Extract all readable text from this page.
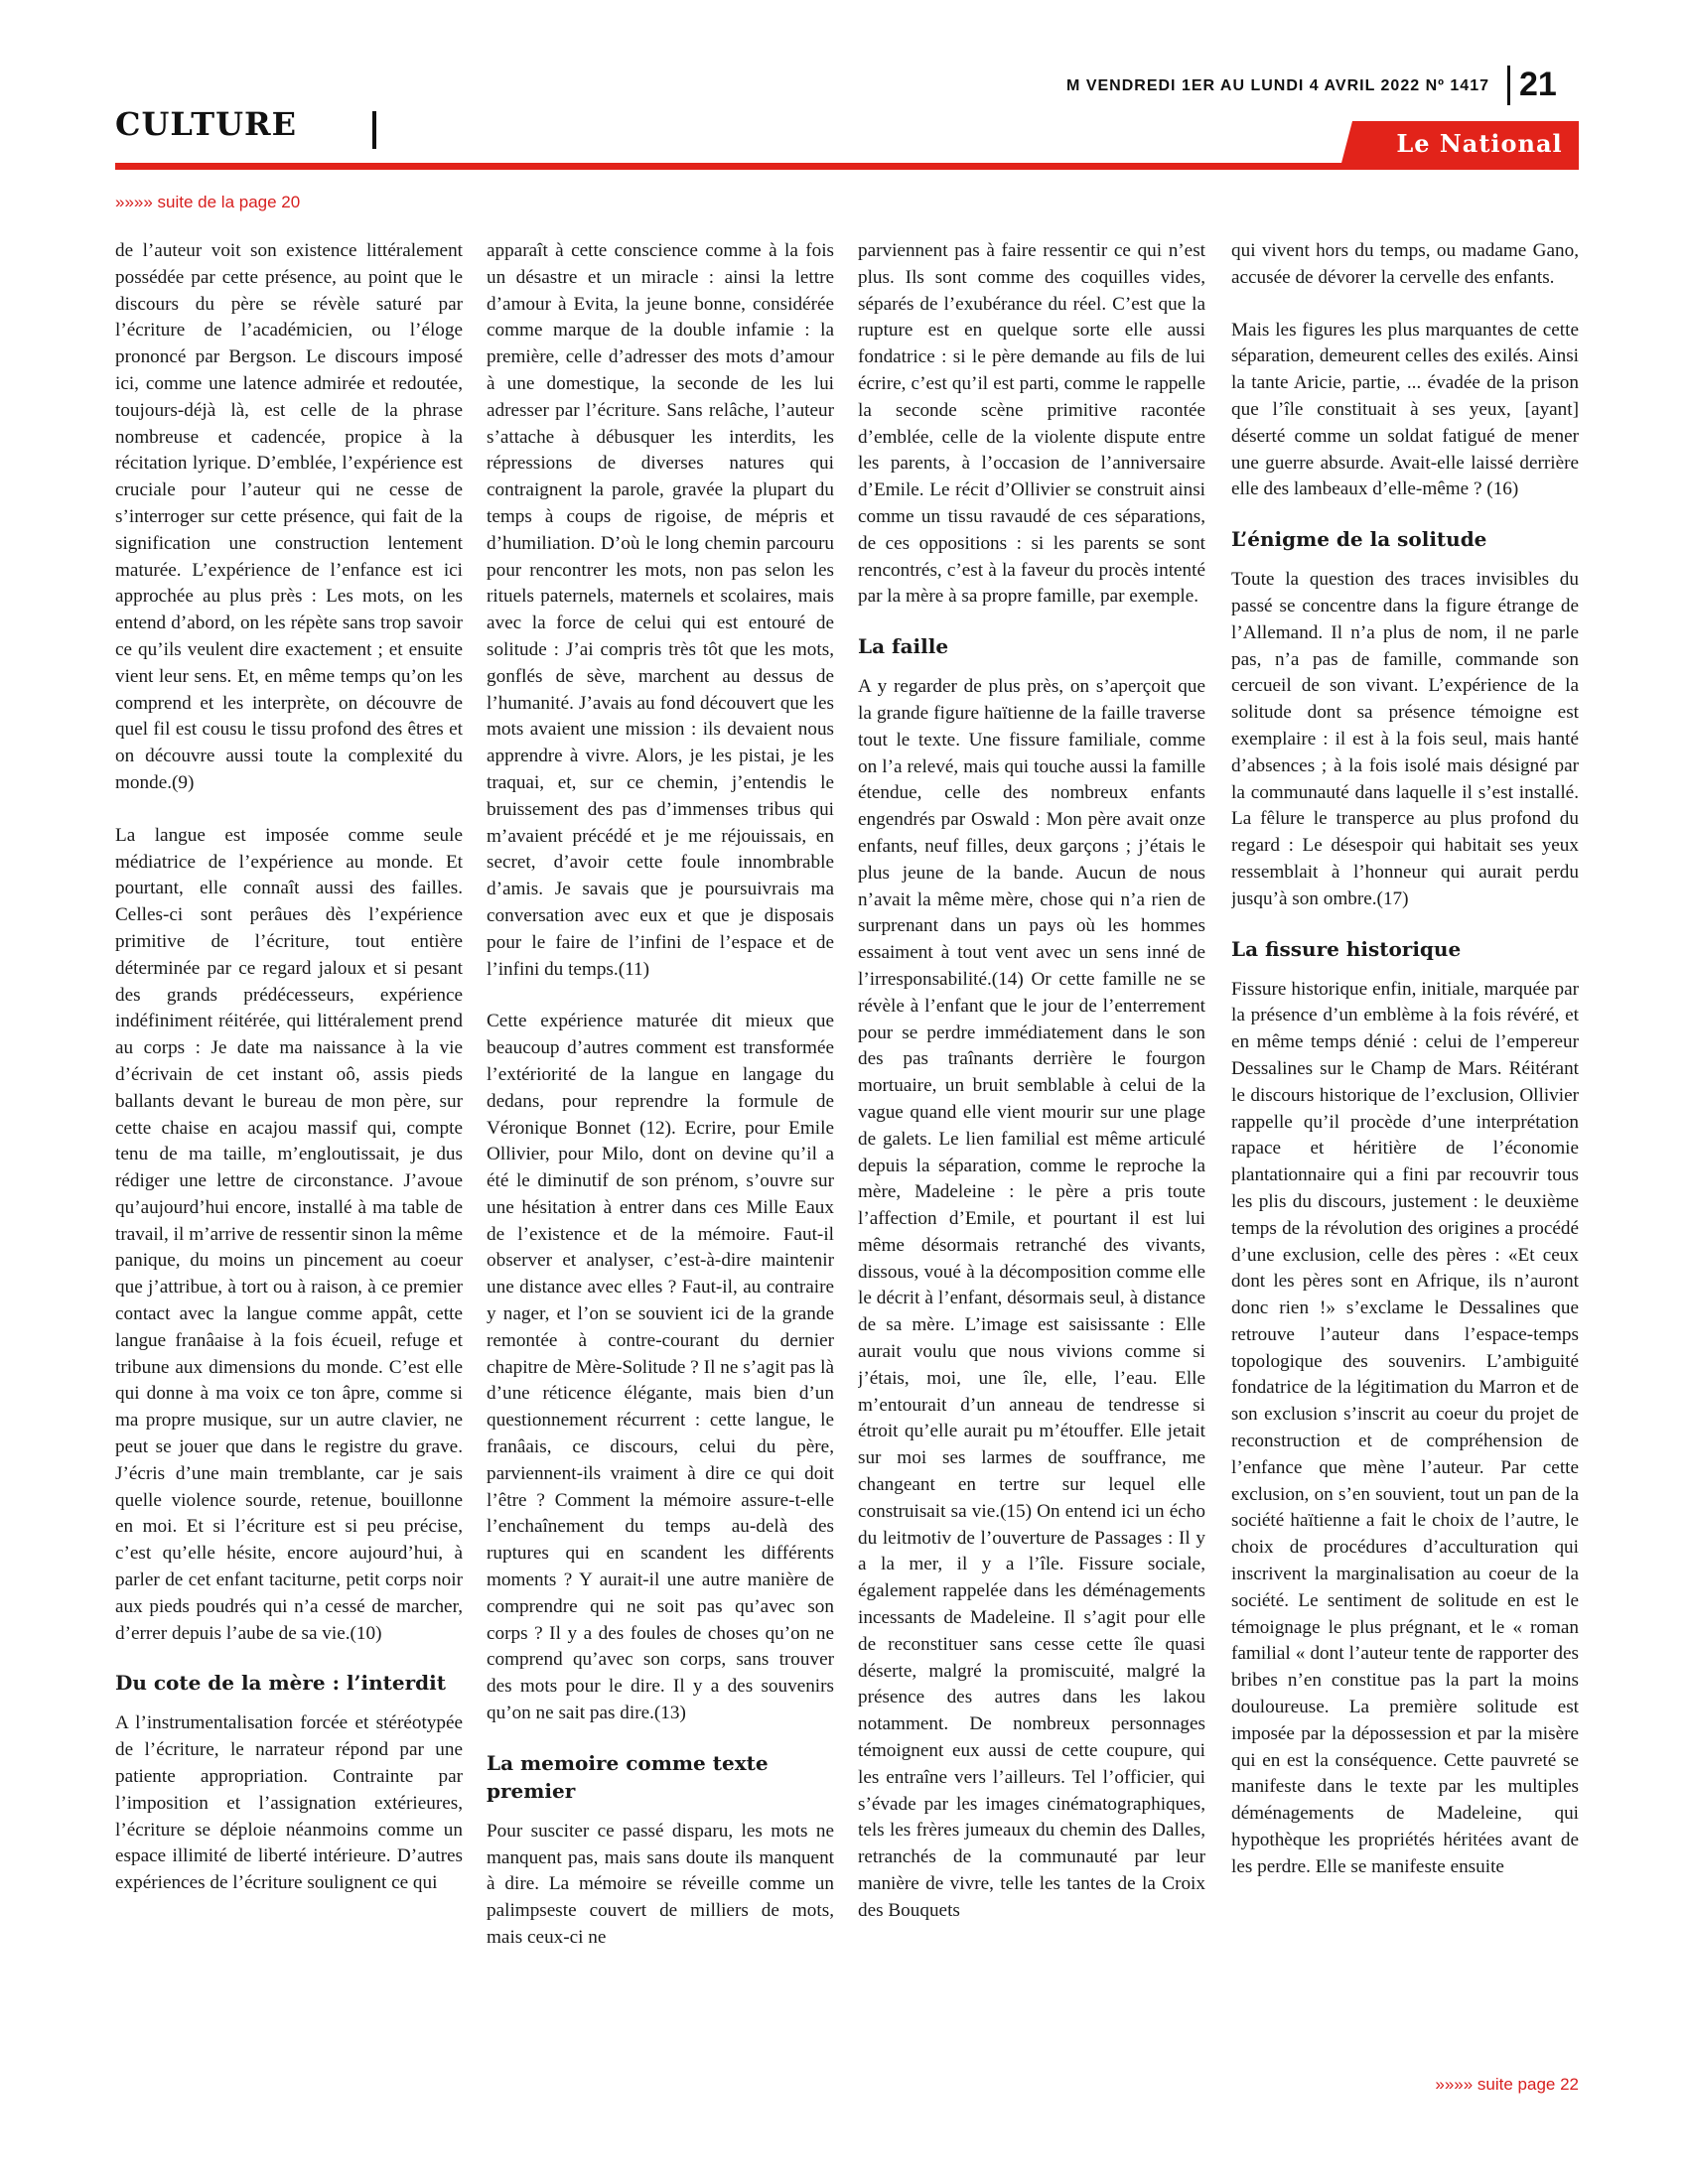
M VENDREDI 1ER AU LUNDI 4 AVRIL 2022 Nº 1417 21
CULTURE
Le National
»»»» suite de la page 20

de l’auteur voit son existence littéralement possédée par cette présence, au point que le discours du père se révèle saturé par l’écriture de l’académicien, ou l’éloge prononcé par Bergson. Le discours imposé ici, comme une latence admirée et redoutée, toujours-déjà là, est celle de la phrase nombreuse et cadencée, propice à la récitation lyrique. D’emblée, l’expérience est cruciale pour l’auteur qui ne cesse de s’interroger sur cette présence, qui fait de la signification une construction lentement maturée. L’expérience de l’enfance est ici approchée au plus près : Les mots, on les entend d’abord, on les répète sans trop savoir ce qu’ils veulent dire exactement ; et ensuite vient leur sens. Et, en même temps qu’on les comprend et les interprète, on découvre de quel fil est cousu le tissu profond des êtres et on découvre aussi toute la complexité du monde.(9)

La langue est imposée comme seule médiatrice de l’expérience au monde. Et pourtant, elle connaît aussi des failles. Celles-ci sont perâues dès l’expérience primitive de l’écriture, tout entière déterminée par ce regard jaloux et si pesant des grands prédécesseurs, expérience indéfiniment réitérée, qui littéralement prend au corps : Je date ma naissance à la vie d’écrivain de cet instant oô, assis pieds ballants devant le bureau de mon père, sur cette chaise en acajou massif qui, compte tenu de ma taille, m’engloutissait, je dus rédiger une lettre de circonstance. J’avoue qu’aujourd’hui encore, installé à ma table de travail, il m’arrive de ressentir sinon la même panique, du moins un pincement au coeur que j’attribue, à tort ou à raison, à ce premier contact avec la langue comme appât, cette langue franâaise à la fois écueil, refuge et tribune aux dimensions du monde. C’est elle qui donne à ma voix ce ton âpre, comme si ma propre musique, sur un autre clavier, ne peut se jouer que dans le registre du grave. J’écris d’une main tremblante, car je sais quelle violence sourde, retenue, bouillonne en moi. Et si l’écriture est si peu précise, c’est qu’elle hésite, encore aujourd’hui, à parler de cet enfant taciturne, petit corps noir aux pieds poudrés qui n’a cessé de marcher, d’errer depuis l’aube de sa vie.(10)

Du cote de la mère : l’interdit

A l’instrumentalisation forcée et stéréotypée de l’écriture, le narrateur répond par une patiente appropriation. Contrainte par l’imposition et l’assignation extérieures, l’écriture se déploie néanmoins comme un espace illimité de liberté intérieure. D’autres expériences de l’écriture soulignent ce qui

apparaît à cette conscience comme à la fois un désastre et un miracle : ainsi la lettre d’amour à Evita, la jeune bonne, considérée comme marque de la double infamie : la première, celle d’adresser des mots d’amour à une domestique, la seconde de les lui adresser par l’écriture. Sans relâche, l’auteur s’attache à débusquer les interdits, les répressions de diverses natures qui contraignent la parole, gravée la plupart du temps à coups de rigoise, de mépris et d’humiliation. D’où le long chemin parcouru pour rencontrer les mots, non pas selon les rituels paternels, maternels et scolaires, mais avec la force de celui qui est entouré de solitude : J’ai compris très tôt que les mots, gonflés de sève, marchent au dessus de l’humanité. J’avais au fond découvert que les mots avaient une mission : ils devaient nous apprendre à vivre. Alors, je les pistai, je les traquai, et, sur ce chemin, j’entendis le bruissement des pas d’immenses tribus qui m’avaient précédé et je me réjouissais, en secret, d’avoir cette foule innombrable d’amis. Je savais que je poursuivrais ma conversation avec eux et que je disposais pour le faire de l’infini de l’espace et de l’infini du temps.(11)

Cette expérience maturée dit mieux que beaucoup d’autres comment est transformée l’extériorité de la langue en langage du dedans, pour reprendre la formule de Véronique Bonnet (12). Ecrire, pour Emile Ollivier, pour Milo, dont on devine qu’il a été le diminutif de son prénom, s’ouvre sur une hésitation à entrer dans ces Mille Eaux de l’existence et de la mémoire. Faut-il observer et analyser, c’est-à-dire maintenir une distance avec elles ? Faut-il, au contraire y nager, et l’on se souvient ici de la grande remontée à contre-courant du dernier chapitre de Mère-Solitude ? Il ne s’agit pas là d’une réticence élégante, mais bien d’un questionnement récurrent : cette langue, le franâais, ce discours, celui du père, parviennent-ils vraiment à dire ce qui doit l’être ? Comment la mémoire assure-t-elle l’enchaînement du temps au-delà des ruptures qui en scandent les différents moments ? Y aurait-il une autre manière de comprendre qui ne soit pas qu’avec son corps ? Il y a des foules de choses qu’on ne comprend qu’avec son corps, sans trouver des mots pour le dire. Il y a des souvenirs qu’on ne sait pas dire.(13)

La memoire comme texte premier

Pour susciter ce passé disparu, les mots ne manquent pas, mais sans doute ils manquent à dire. La mémoire se réveille comme un palimpseste couvert de milliers de mots, mais ceux-ci ne

parviennent pas à faire ressentir ce qui n’est plus. Ils sont comme des coquilles vides, séparés de l’exubérance du réel. C’est que la rupture est en quelque sorte elle aussi fondatrice : si le père demande au fils de lui écrire, c’est qu’il est parti, comme le rappelle la seconde scène primitive racontée d’emblée, celle de la violente dispute entre les parents, à l’occasion de l’anniversaire d’Emile. Le récit d’Ollivier se construit ainsi comme un tissu ravaudé de ces séparations, de ces oppositions : si les parents se sont rencontrés, c’est à la faveur du procès intenté par la mère à sa propre famille, par exemple.

La faille

A y regarder de plus près, on s’aperçoit que la grande figure haïtienne de la faille traverse tout le texte. Une fissure familiale, comme on l’a relevé, mais qui touche aussi la famille étendue, celle des nombreux enfants engendrés par Oswald : Mon père avait onze enfants, neuf filles, deux garçons ; j’étais le plus jeune de la bande. Aucun de nous n’avait la même mère, chose qui n’a rien de surprenant dans un pays où les hommes essaiment à tout vent avec un sens inné de l’irresponsabilité.(14) Or cette famille ne se révèle à l’enfant que le jour de l’enterrement pour se perdre immédiatement dans le son des pas traînants derrière le fourgon mortuaire, un bruit semblable à celui de la vague quand elle vient mourir sur une plage de galets. Le lien familial est même articulé depuis la séparation, comme le reproche la mère, Madeleine : le père a pris toute l’affection d’Emile, et pourtant il est lui même désormais retranché des vivants, dissous, voué à la décomposition comme elle le décrit à l’enfant, désormais seul, à distance de sa mère. L’image est saisissante : Elle aurait voulu que nous vivions comme si j’étais, moi, une île, elle, l’eau. Elle m’entourait d’un anneau de tendresse si étroit qu’elle aurait pu m’étouffer. Elle jetait sur moi ses larmes de souffrance, me changeant en tertre sur lequel elle construisait sa vie.(15) On entend ici un écho du leitmotiv de l’ouverture de Passages : Il y a la mer, il y a l’île. Fissure sociale, également rappelée dans les déménagements incessants de Madeleine. Il s’agit pour elle de reconstituer sans cesse cette île quasi déserte, malgré la promiscuité, malgré la présence des autres dans les lakou notamment. De nombreux personnages témoignent eux aussi de cette coupure, qui les entraîne vers l’ailleurs. Tel l’officier, qui s’évade par les images cinématographiques, tels les frères jumeaux du chemin des Dalles, retranchés de la communauté par leur manière de vivre, telle les tantes de la Croix des Bouquets

qui vivent hors du temps, ou madame Gano, accusée de dévorer la cervelle des enfants.

Mais les figures les plus marquantes de cette séparation, demeurent celles des exilés. Ainsi la tante Aricie, partie, ... évadée de la prison que l’île constituait à ses yeux, [ayant] déserté comme un soldat fatigué de mener une guerre absurde. Avait-elle laissé derrière elle des lambeaux d’elle-même ? (16)

L’énigme de la solitude

Toute la question des traces invisibles du passé se concentre dans la figure étrange de l’Allemand. Il n’a plus de nom, il ne parle pas, n’a pas de famille, commande son cercueil de son vivant. L’expérience de la solitude dont sa présence témoigne est exemplaire : il est à la fois seul, mais hanté d’absences ; à la fois isolé mais désigné par la communauté dans laquelle il s’est installé. La fêlure le transperce au plus profond du regard : Le désespoir qui habitait ses yeux ressemblait à l’honneur qui aurait perdu jusqu’à son ombre.(17)

La fissure historique

Fissure historique enfin, initiale, marquée par la présence d’un emblème à la fois révéré, et en même temps dénié : celui de l’empereur Dessalines sur le Champ de Mars. Réitérant le discours historique de l’exclusion, Ollivier rappelle qu’il procède d’une interprétation rapace et héritière de l’économie plantationnaire qui a fini par recouvrir tous les plis du discours, justement : le deuxième temps de la révolution des origines a procédé d’une exclusion, celle des pères : «Et ceux dont les pères sont en Afrique, ils n’auront donc rien !» s’exclame le Dessalines que retrouve l’auteur dans l’espace-temps topologique des souvenirs. L’ambiguité fondatrice de la légitimation du Marron et de son exclusion s’inscrit au coeur du projet de reconstruction et de compréhension de l’enfance que mène l’auteur. Par cette exclusion, on s’en souvient, tout un pan de la société haïtienne a fait le choix de l’autre, le choix de procédures d’acculturation qui inscrivent la marginalisation au coeur de la société. Le sentiment de solitude en est le témoignage le plus prégnant, et le « roman familial « dont l’auteur tente de rapporter des bribes n’en constitue pas la part la moins douloureuse. La première solitude est imposée par la dépossession et par la misère qui en est la conséquence. Cette pauvreté se manifeste dans le texte par les multiples déménagements de Madeleine, qui hypothèque les propriétés héritées avant de les perdre. Elle se manifeste ensuite

»»»» suite page 22
